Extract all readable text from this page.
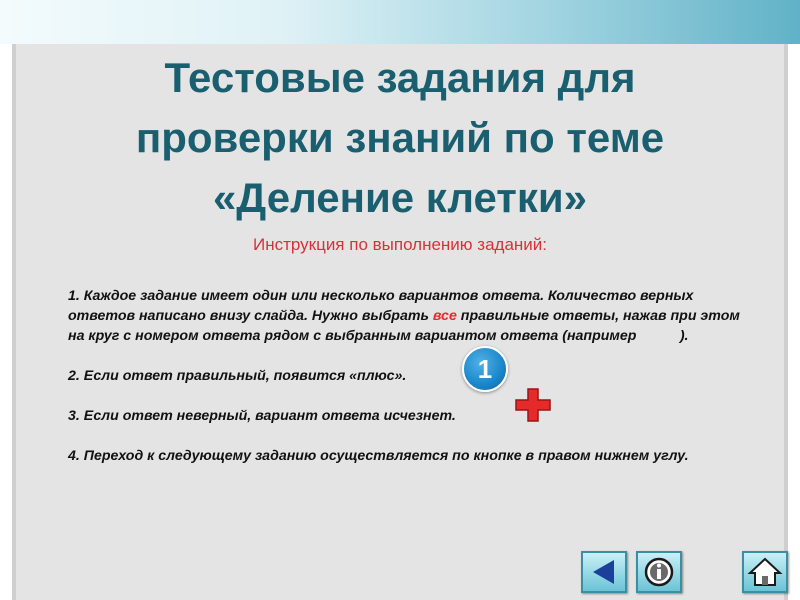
Тестовые задания для
проверки знаний по теме
«Деление клетки»
Инструкция по выполнению заданий:

1. Каждое задание имеет один или несколько вариантов ответа. Количество верных ответов написано внизу слайда. Нужно выбрать все правильные ответы, нажав при этом на круг с номером ответа рядом с выбранным вариантом ответа (например	).

2. Если ответ правильный, появится «плюс».

3. Если ответ неверный, вариант ответа исчезнет.

4. Переход к следующему заданию осуществляется по кнопке в правом нижнем углу.

1
